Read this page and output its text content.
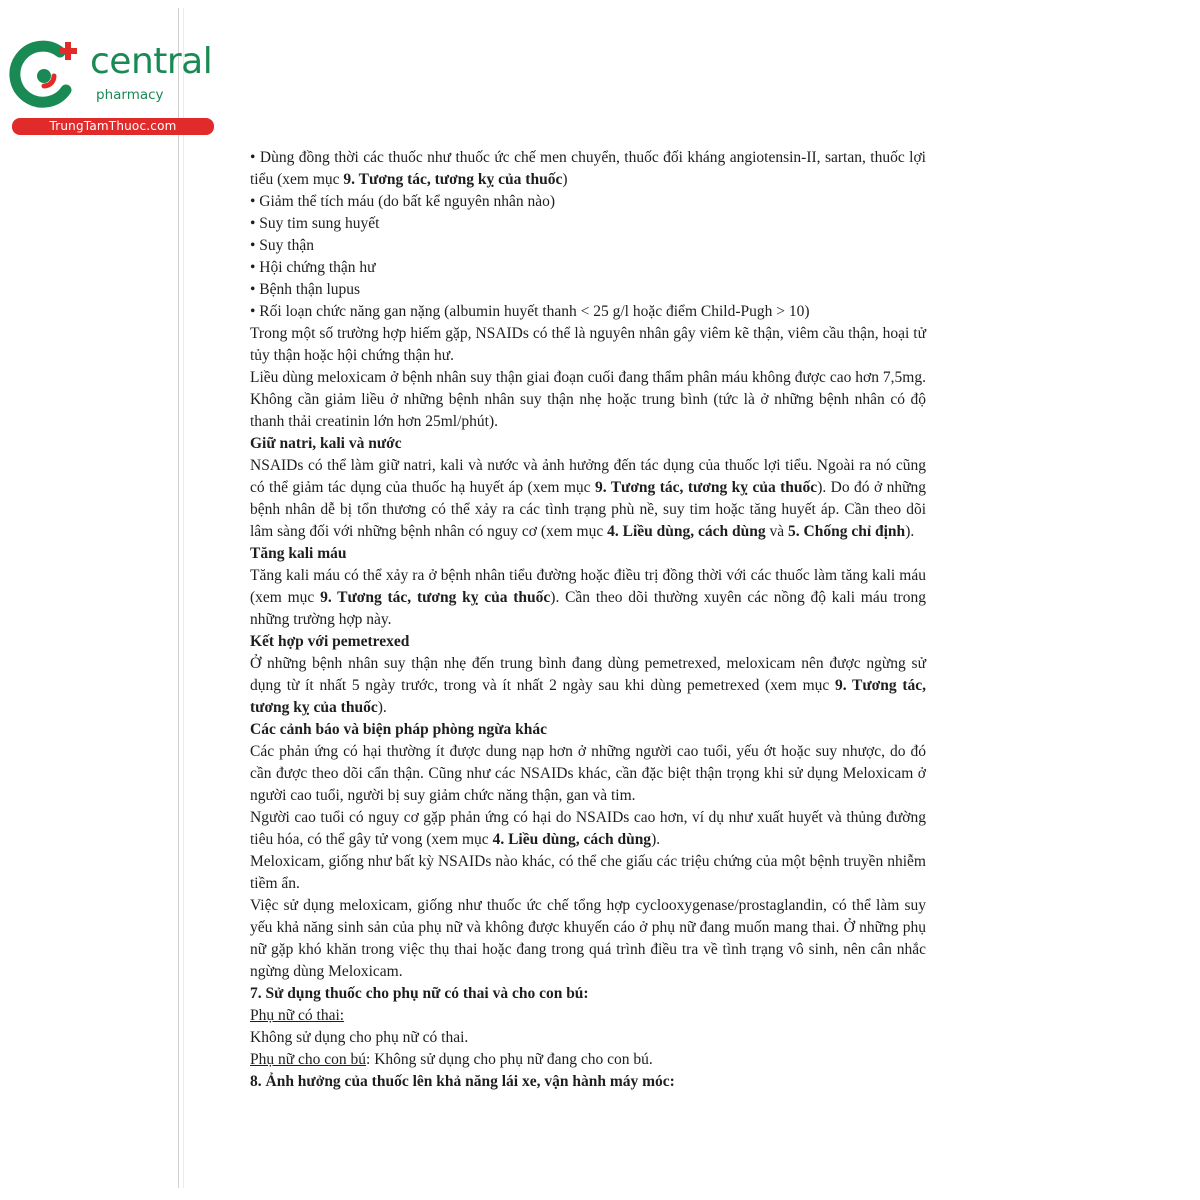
central
pharmacy
TrungTamThuoc.com

• Dùng đồng thời các thuốc như thuốc ức chế men chuyển, thuốc đối kháng angiotensin-II, sartan, thuốc lợi tiểu (xem mục 9. Tương tác, tương kỵ của thuốc)

• Giảm thể tích máu (do bất kể nguyên nhân nào)

• Suy tim sung huyết

• Suy thận

• Hội chứng thận hư

• Bệnh thận lupus

• Rối loạn chức năng gan nặng (albumin huyết thanh < 25 g/l hoặc điểm Child-Pugh > 10)

Trong một số trường hợp hiếm gặp, NSAIDs có thể là nguyên nhân gây viêm kẽ thận, viêm cầu thận, hoại tử tủy thận hoặc hội chứng thận hư.

Liều dùng meloxicam ở bệnh nhân suy thận giai đoạn cuối đang thẩm phân máu không được cao hơn 7,5mg. Không cần giảm liều ở những bệnh nhân suy thận nhẹ hoặc trung bình (tức là ở những bệnh nhân có độ thanh thải creatinin lớn hơn 25ml/phút).

Giữ natri, kali và nước

NSAIDs có thể làm giữ natri, kali và nước và ảnh hưởng đến tác dụng của thuốc lợi tiểu. Ngoài ra nó cũng có thể giảm tác dụng của thuốc hạ huyết áp (xem mục 9. Tương tác, tương kỵ của thuốc). Do đó ở những bệnh nhân dễ bị tổn thương có thể xảy ra các tình trạng phù nề, suy tim hoặc tăng huyết áp. Cần theo dõi lâm sàng đối với những bệnh nhân có nguy cơ (xem mục 4. Liều dùng, cách dùng và 5. Chống chỉ định).

Tăng kali máu

Tăng kali máu có thể xảy ra ở bệnh nhân tiểu đường hoặc điều trị đồng thời với các thuốc làm tăng kali máu (xem mục 9. Tương tác, tương kỵ của thuốc). Cần theo dõi thường xuyên các nồng độ kali máu trong những trường hợp này.

Kết hợp với pemetrexed

Ở những bệnh nhân suy thận nhẹ đến trung bình đang dùng pemetrexed, meloxicam nên được ngừng sử dụng từ ít nhất 5 ngày trước, trong và ít nhất 2 ngày sau khi dùng pemetrexed (xem mục 9. Tương tác, tương kỵ của thuốc).

Các cảnh báo và biện pháp phòng ngừa khác

Các phản ứng có hại thường ít được dung nạp hơn ở những người cao tuổi, yếu ớt hoặc suy nhược, do đó cần được theo dõi cẩn thận. Cũng như các NSAIDs khác, cần đặc biệt thận trọng khi sử dụng Meloxicam ở người cao tuổi, người bị suy giảm chức năng thận, gan và tim.

Người cao tuổi có nguy cơ gặp phản ứng có hại do NSAIDs cao hơn, ví dụ như xuất huyết và thủng đường tiêu hóa, có thể gây tử vong (xem mục 4. Liều dùng, cách dùng).

Meloxicam, giống như bất kỳ NSAIDs nào khác, có thể che giấu các triệu chứng của một bệnh truyền nhiễm tiềm ẩn.

Việc sử dụng meloxicam, giống như thuốc ức chế tổng hợp cyclooxygenase/prostaglandin, có thể làm suy yếu khả năng sinh sản của phụ nữ và không được khuyến cáo ở phụ nữ đang muốn mang thai. Ở những phụ nữ gặp khó khăn trong việc thụ thai hoặc đang trong quá trình điều tra về tình trạng vô sinh, nên cân nhắc ngừng dùng Meloxicam.

7. Sử dụng thuốc cho phụ nữ có thai và cho con bú:

Phụ nữ có thai:

Không sử dụng cho phụ nữ có thai.

Phụ nữ cho con bú: Không sử dụng cho phụ nữ đang cho con bú.

8. Ảnh hưởng của thuốc lên khả năng lái xe, vận hành máy móc:
